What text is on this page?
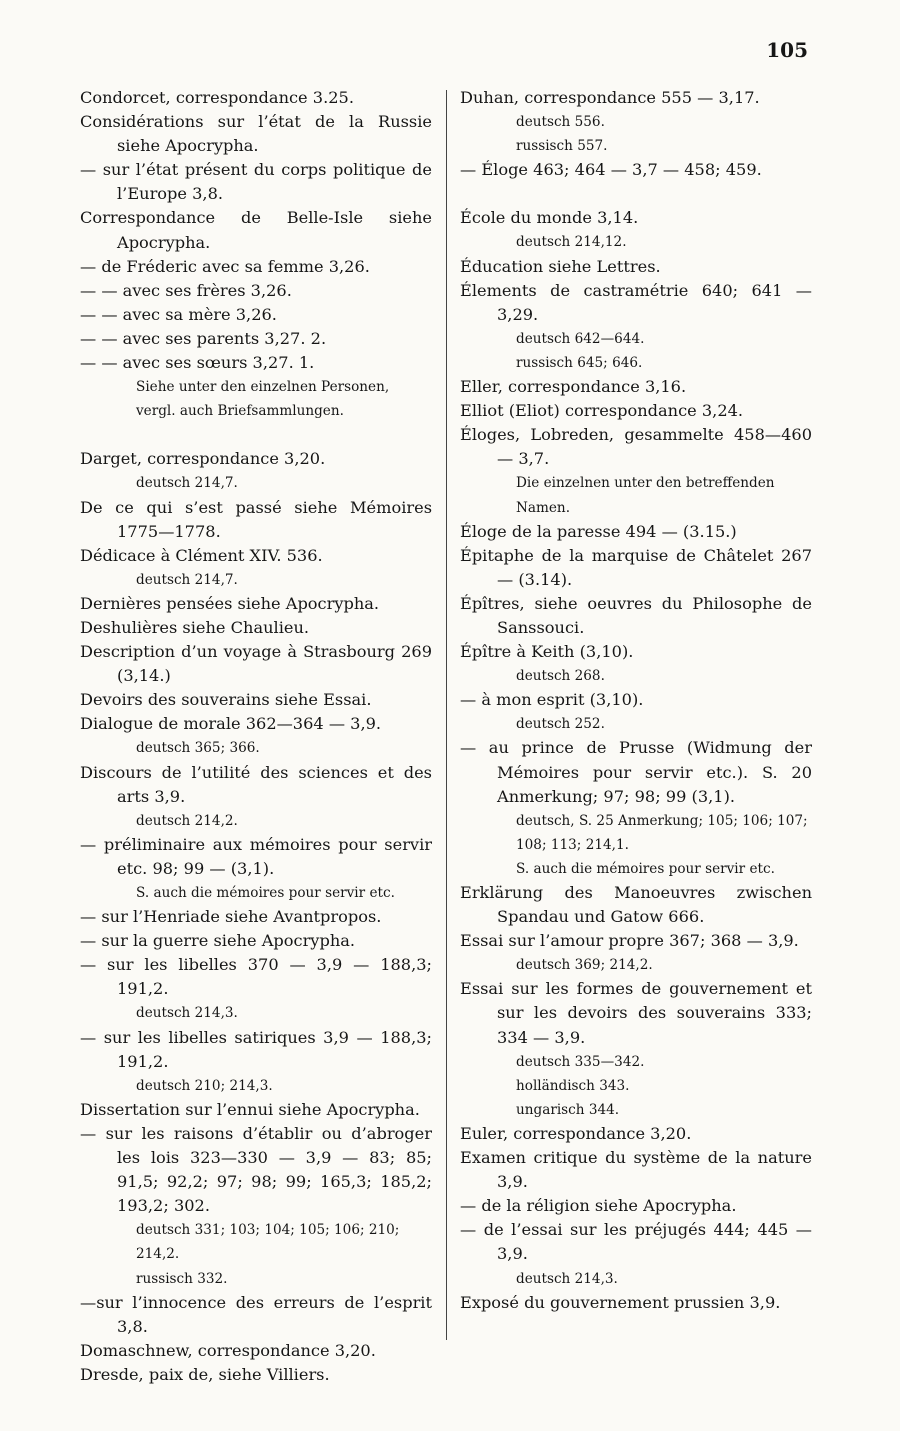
105
Condorcet, correspondance 3.25.
Considérations sur l’état de la Russie siehe Apocrypha.
— sur l’état présent du corps politique de l’Europe 3,8.
Correspondance de Belle-Isle siehe Apocrypha.
— de Fréderic avec sa femme 3,26.
— — avec ses frères 3,26.
— — avec sa mère 3,26.
— — avec ses parents 3,27. 2.
— — avec ses sœurs 3,27. 1.
Siehe unter den einzelnen Personen, vergl. auch Briefsammlungen.
Darget, correspondance 3,20.
deutsch 214,7.
De ce qui s’est passé siehe Mémoires 1775—1778.
Dédicace à Clément XIV. 536.
deutsch 214,7.
Dernières pensées siehe Apocrypha.
Deshulières siehe Chaulieu.
Description d’un voyage à Strasbourg 269 (3,14.)
Devoirs des souverains siehe Essai.
Dialogue de morale 362—364 — 3,9.
deutsch 365; 366.
Discours de l’utilité des sciences et des arts 3,9.
deutsch 214,2.
— préliminaire aux mémoires pour servir etc. 98; 99 — (3,1).
S. auch die mémoires pour servir etc.
— sur l’Henriade siehe Avantpropos.
— sur la guerre siehe Apocrypha.
— sur les libelles 370 — 3,9 — 188,3; 191,2.
deutsch 214,3.
— sur les libelles satiriques 3,9 — 188,3; 191,2.
deutsch 210; 214,3.
Dissertation sur l’ennui siehe Apocrypha.
— sur les raisons d’établir ou d’abroger les lois 323—330 — 3,9 — 83; 85; 91,5; 92,2; 97; 98; 99; 165,3; 185,2; 193,2; 302.
deutsch 331; 103; 104; 105; 106; 210; 214,2.
russisch 332.
—sur l’innocence des erreurs de l’esprit 3,8.
Domaschnew, correspondance 3,20.
Dresde, paix de, siehe Villiers.
Duhan, correspondance 555 — 3,17.
deutsch 556.
russisch 557.
— Éloge 463; 464 — 3,7 — 458; 459.
École du monde 3,14.
deutsch 214,12.
Éducation siehe Lettres.
Élements de castramétrie 640; 641 — 3,29.
deutsch 642—644.
russisch 645; 646.
Eller, correspondance 3,16.
Elliot (Eliot) correspondance 3,24.
Éloges, Lobreden, gesammelte 458—460 — 3,7.
Die einzelnen unter den betreffenden Namen.
Éloge de la paresse 494 — (3.15.)
Épitaphe de la marquise de Châtelet 267 — (3.14).
Épîtres, siehe oeuvres du Philosophe de Sanssouci.
Épître à Keith (3,10).
deutsch 268.
— à mon esprit (3,10).
deutsch 252.
— au prince de Prusse (Widmung der Mémoires pour servir etc.). S. 20 Anmerkung; 97; 98; 99 (3,1).
deutsch, S. 25 Anmerkung; 105; 106; 107; 108; 113; 214,1.
S. auch die mémoires pour servir etc.
Erklärung des Manoeuvres zwischen Spandau und Gatow 666.
Essai sur l’amour propre 367; 368 — 3,9.
deutsch 369; 214,2.
Essai sur les formes de gouvernement et sur les devoirs des souverains 333; 334 — 3,9.
deutsch 335—342.
holländisch 343.
ungarisch 344.
Euler, correspondance 3,20.
Examen critique du système de la nature 3,9.
— de la réligion siehe Apocrypha.
— de l’essai sur les préjugés 444; 445 — 3,9.
deutsch 214,3.
Exposé du gouvernement prussien 3,9.
